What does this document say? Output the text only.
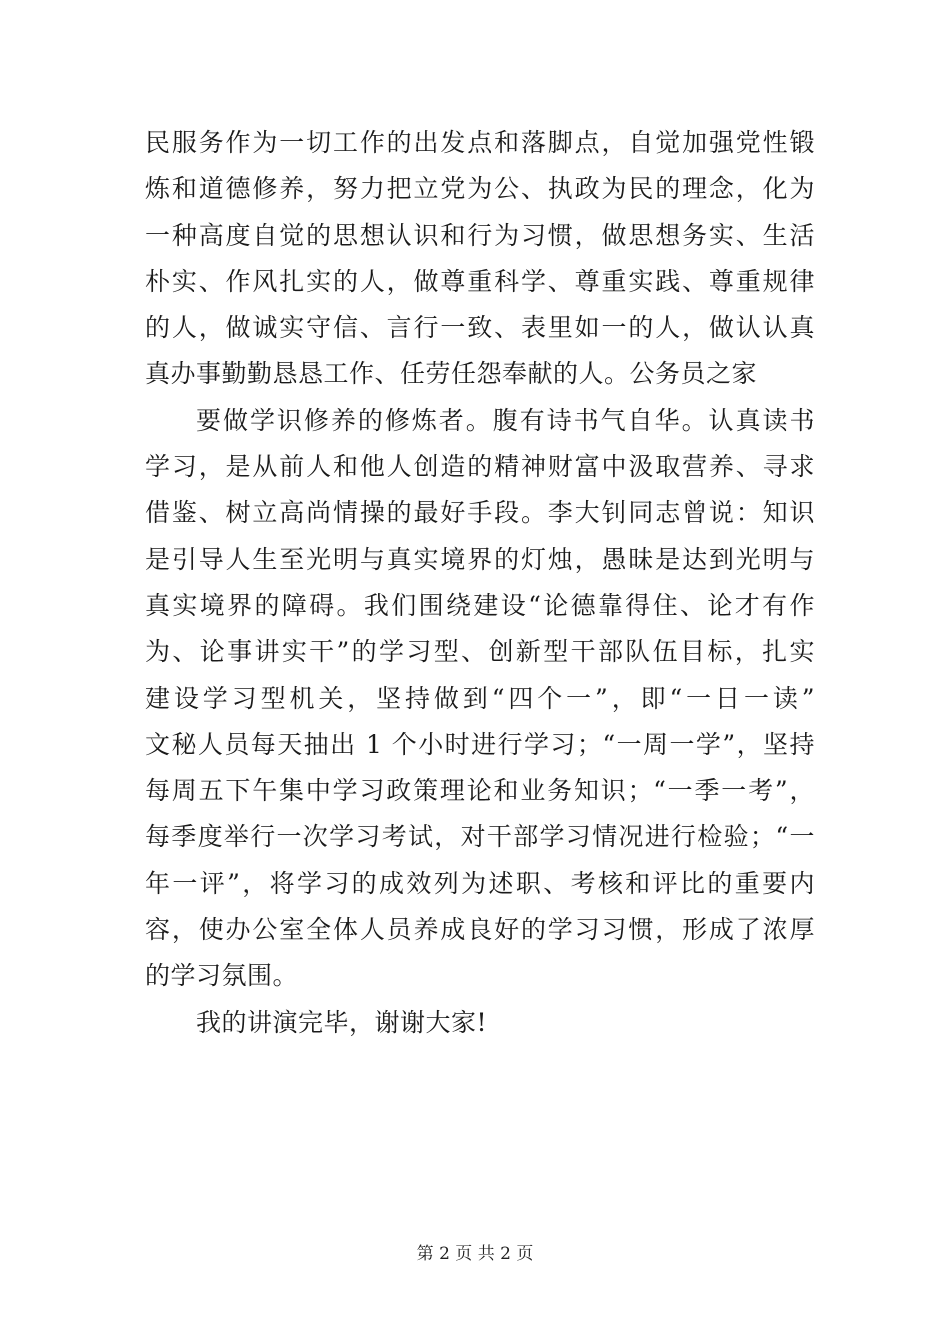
民服务作为一切工作的出发点和落脚点，自觉加强党性锻
炼和道德修养，努力把立党为公、执政为民的理念，化为
一种高度自觉的思想认识和行为习惯，做思想务实、生活
朴实、作风扎实的人，做尊重科学、尊重实践、尊重规律
的人，做诚实守信、言行一致、表里如一的人，做认认真
真办事勤勤恳恳工作、任劳任怨奉献的人。公务员之家
要做学识修养的修炼者。腹有诗书气自华。认真读书
学习，是从前人和他人创造的精神财富中汲取营养、寻求
借鉴、树立高尚情操的最好手段。李大钊同志曾说：知识
是引导人生至光明与真实境界的灯烛，愚昧是达到光明与
真实境界的障碍。我们围绕建设“论德靠得住、论才有作
为、论事讲实干”的学习型、创新型干部队伍目标，扎实
建设学习型机关，坚持做到“四个一”，即“一日一读”
文秘人员每天抽出 1 个小时进行学习；“一周一学”，坚持
每周五下午集中学习政策理论和业务知识；“一季一考”，
每季度举行一次学习考试，对干部学习情况进行检验；“一
年一评”，将学习的成效列为述职、考核和评比的重要内
容，使办公室全体人员养成良好的学习习惯，形成了浓厚
的学习氛围。
我的讲演完毕，谢谢大家!
第 2 页 共 2 页
